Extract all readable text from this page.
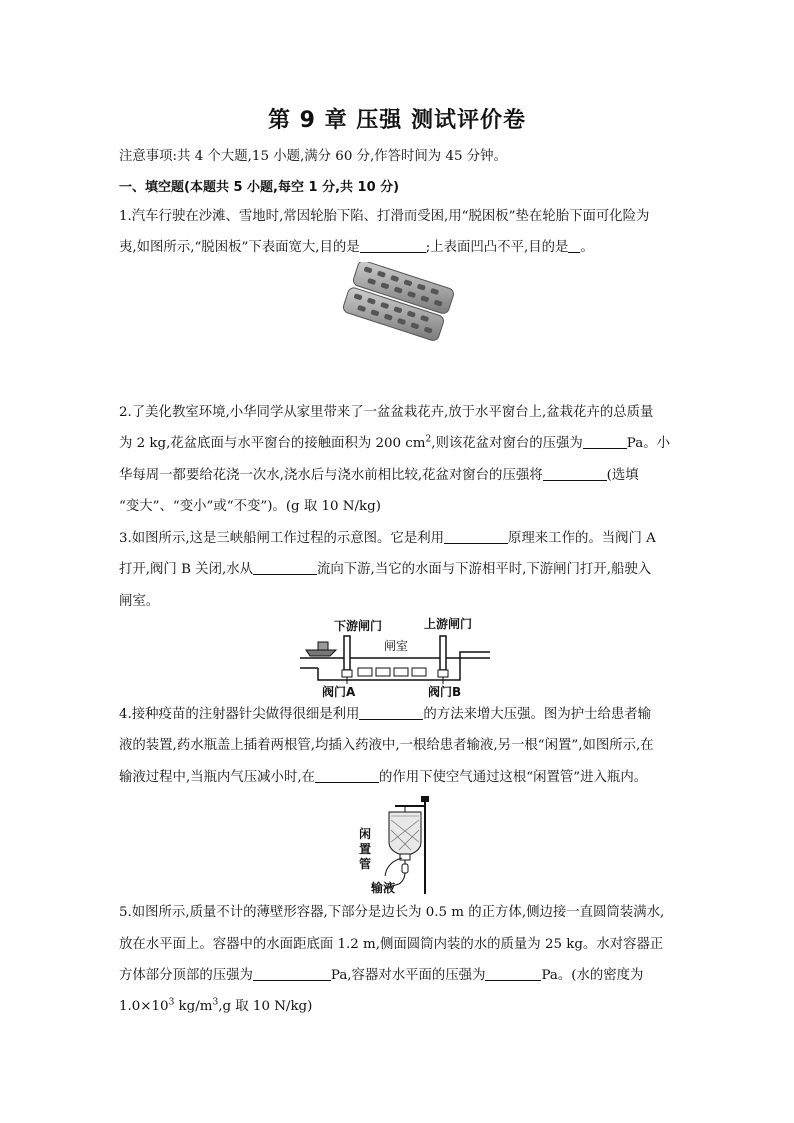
第 9 章 压强 测试评价卷
注意事项:共 4 个大题,15 小题,满分 60 分,作答时间为 45 分钟。
一、填空题(本题共 5 小题,每空 1 分,共 10 分)
1.汽车行驶在沙滩、雪地时,常因轮胎下陷、打滑而受困,用“脱困板”垫在轮胎下面可化险为
夷,如图所示,“脱困板”下表面宽大,目的是	;上表面凹凸不平,目的是 。
2.了美化教室环境,小华同学从家里带来了一盆盆栽花卉,放于水平窗台上,盆栽花卉的总质量
为 2 kg,花盆底面与水平窗台的接触面积为 200 $cm^2$,则该花盆对窗台的压强为	Pa。小
华每周一都要给花浇一次水,浇水后与浇水前相比较,花盆对窗台的压强将	(选填
“变大”、“变小”或“不变”)。(g 取 10 N/kg)
3.如图所示,这是三峡船闸工作过程的示意图。它是利用	原理来工作的。当阀门 A
打开,阀门 B 关闭,水从	流向下游,当它的水面与下游相平时,下游闸门打开,船驶入
闸室。
下游闸门	上游闸门
闸室
阀门A	阀门B
4.接种疫苗的注射器针尖做得很细是利用	的方法来增大压强。图为护士给患者输
液的装置,药水瓶盖上插着两根管,均插入药液中,一根给患者输液,另一根“闲置”,如图所示,在
输液过程中,当瓶内气压减小时,在	的作用下使空气通过这根“闲置管”进入瓶内。
闲
置
管
输液
5.如图所示,质量不计的薄壁形容器,下部分是边长为 0.5 m 的正方体,侧边接一直圆筒装满水,
放在水平面上。容器中的水面距底面 1.2 m,侧面圆筒内装的水的质量为 25 kg。水对容器正
方体部分顶部的压强为	Pa,容器对水平面的压强为	Pa。(水的密度为
$1.0\times 10^3$ $kg/m^3,g$ 取 10 N/kg)
